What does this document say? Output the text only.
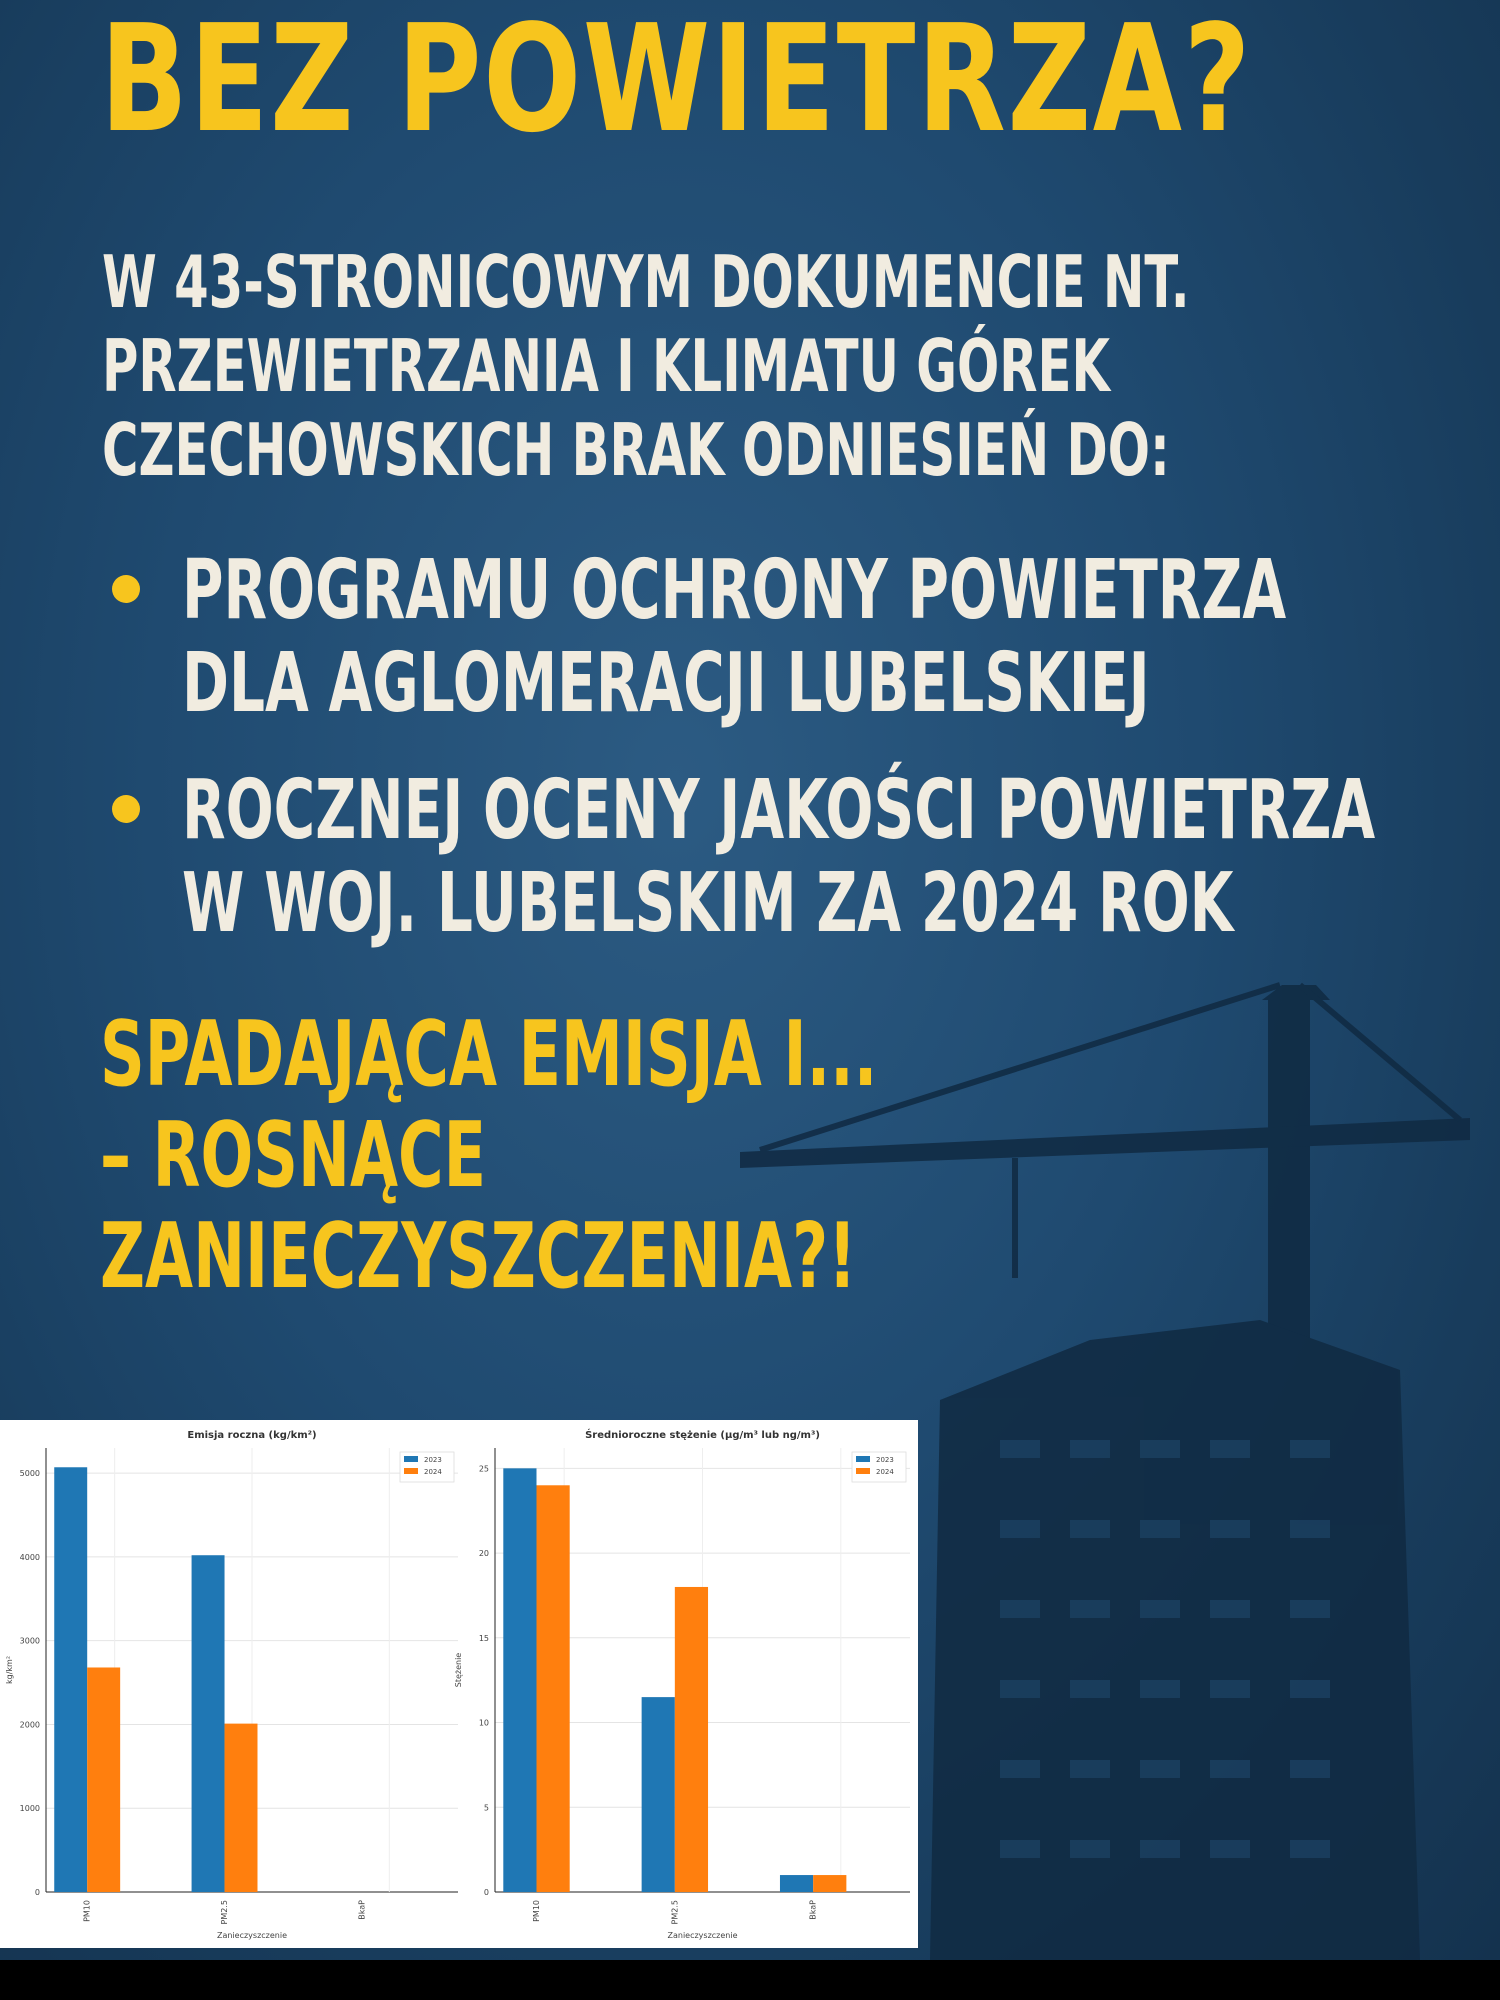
BEZ POWIETRZA?
W 43-STRONICOWYM DOKUMENCIE NT.
PRZEWIETRZANIA I KLIMATU GÓREK
CZECHOWSKICH BRAK ODNIESIEŃ DO:
PROGRAMU OCHRONY POWIETRZA
DLA AGLOMERACJI LUBELSKIEJ
ROCZNEJ OCENY JAKOŚCI POWIETRZA
W WOJ. LUBELSKIM ZA 2024 ROK
SPADAJĄCA EMISJA I...
– ROSNĄCE
ZANIECZYSZCZENIA?!
0
1000
2000
3000
4000
5000
PM10	PM2.5	BkaP
Emisja roczna (kg/km²)
Zanieczyszczenie
kg/km²
2023
2024
0
5
10
15
20
25
PM10	PM2.5	BkaP
Średnioroczne stężenie (µg/m³ lub ng/m³)
Zanieczyszczenie
Stężenie
2023
2024
